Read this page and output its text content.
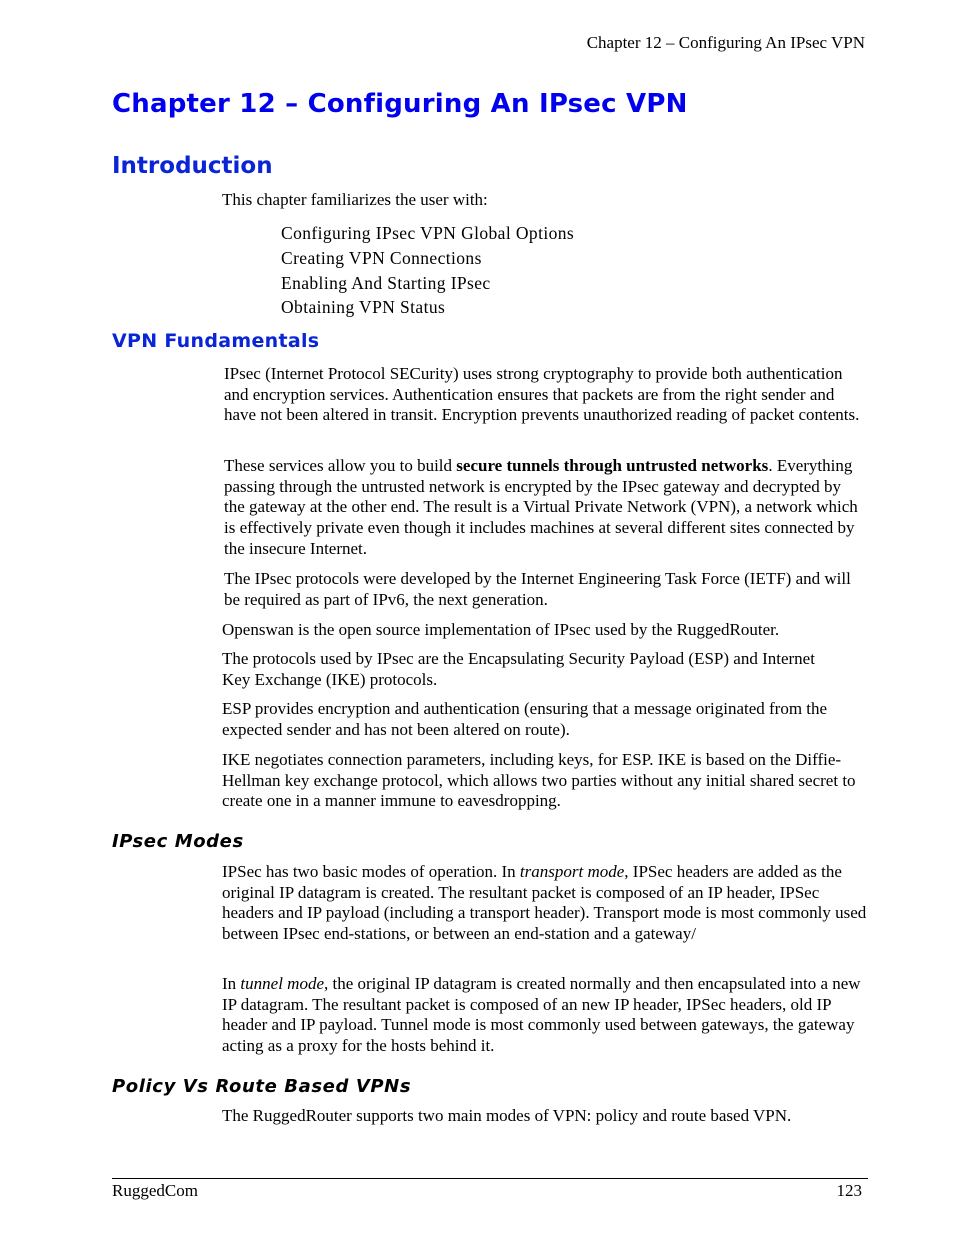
Chapter 12 – Configuring An IPsec VPN
Chapter 12 – Configuring An IPsec VPN
Introduction

This chapter familiarizes the user with:

Configuring IPsec VPN Global Options
Creating VPN Connections
Enabling And Starting IPsec
Obtaining VPN Status
VPN Fundamentals

IPsec (Internet Protocol SECurity) uses strong cryptography to provide both authentication and encryption services. Authentication ensures that packets are from the right sender and have not been altered in transit. Encryption prevents unauthorized reading of packet contents.

These services allow you to build secure tunnels through untrusted networks. Everything passing through the untrusted network is encrypted by the IPsec gateway and decrypted by the gateway at the other end. The result is a Virtual Private Network (VPN), a network which is effectively private even though it includes machines at several different sites connected by the insecure Internet.

The IPsec protocols were developed by the Internet Engineering Task Force (IETF) and will be required as part of IPv6, the next generation.

Openswan is the open source implementation of IPsec used by the RuggedRouter.

The protocols used by IPsec are the Encapsulating Security Payload (ESP) and Internet Key Exchange (IKE) protocols.

ESP provides encryption and authentication (ensuring that a message originated from the expected sender and has not been altered on route).

IKE negotiates connection parameters, including keys, for ESP. IKE is based on the Diffie-Hellman key exchange protocol, which allows two parties without any initial shared secret to create one in a manner immune to eavesdropping.

IPsec Modes

IPSec has two basic modes of operation. In transport mode, IPSec headers are added as the original IP datagram is created. The resultant packet is composed of an IP header, IPSec headers and IP payload (including a transport header). Transport mode is most commonly used between IPsec end-stations, or between an end-station and a gateway/

In tunnel mode, the original IP datagram is created normally and then encapsulated into a new IP datagram. The resultant packet is composed of an new IP header, IPSec headers, old IP header and IP payload. Tunnel mode is most commonly used between gateways, the gateway acting as a proxy for the hosts behind it.

Policy Vs Route Based VPNs

The RuggedRouter supports two main modes of VPN: policy and route based VPN.

RuggedCom	123
